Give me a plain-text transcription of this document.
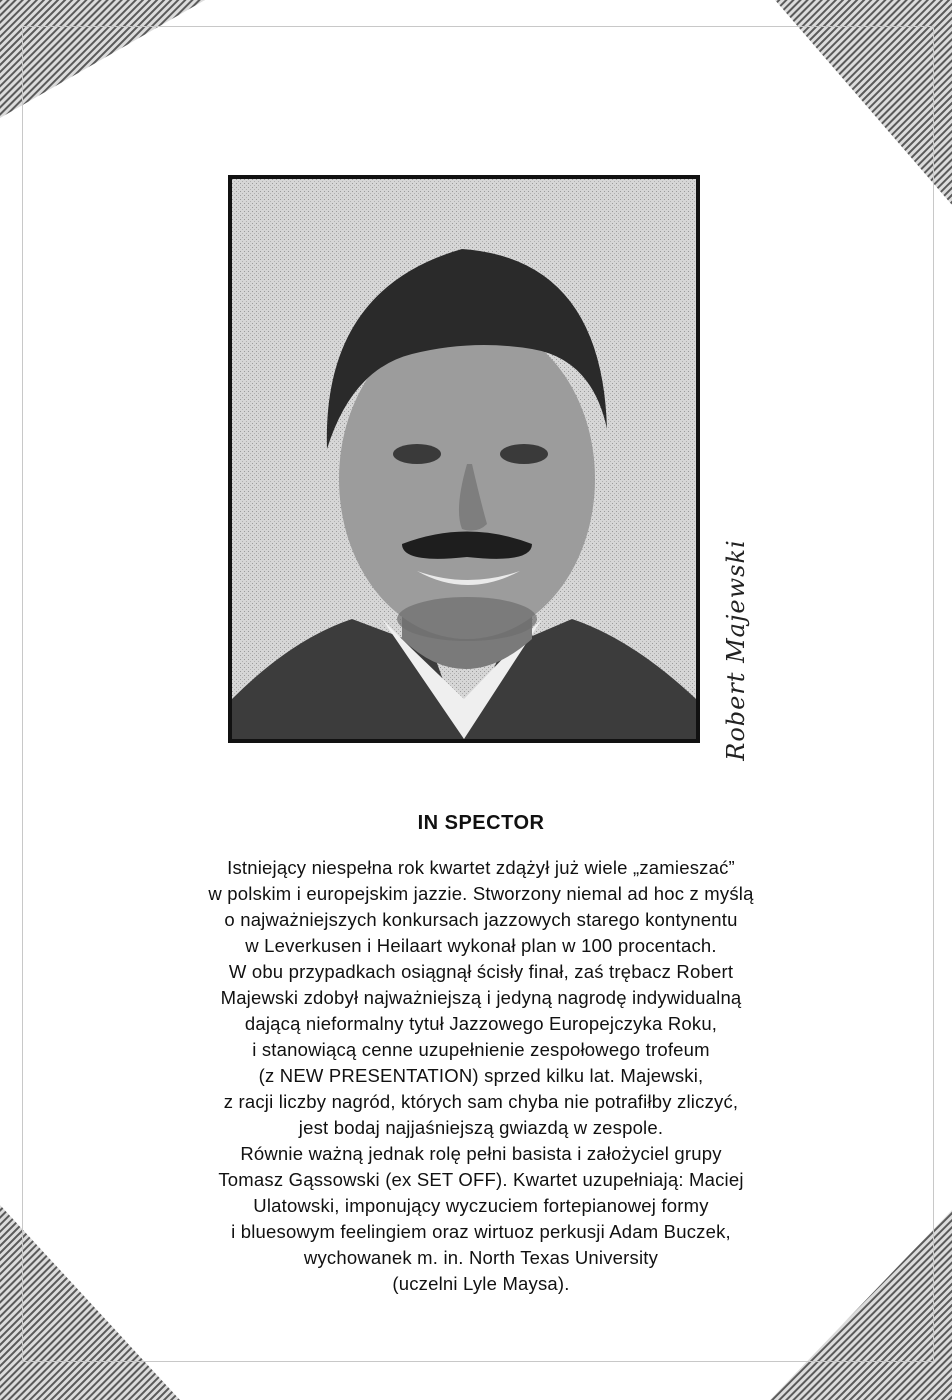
Robert Majewski
IN SPECTOR
Istniejący niespełna rok kwartet zdążył już wiele „zamieszać”
w polskim i europejskim jazzie. Stworzony niemal ad hoc z myślą
o najważniejszych konkursach jazzowych starego kontynentu
w Leverkusen i Heilaart wykonał plan w 100 procentach.
W obu przypadkach osiągnął ścisły finał, zaś trębacz Robert
Majewski zdobył najważniejszą i jedyną nagrodę indywidualną
dającą nieformalny tytuł Jazzowego Europejczyka Roku,
i stanowiącą cenne uzupełnienie zespołowego trofeum
(z NEW PRESENTATION) sprzed kilku lat. Majewski,
z racji liczby nagród, których sam chyba nie potrafiłby zliczyć,
jest bodaj najjaśniejszą gwiazdą w zespole.
Równie ważną jednak rolę pełni basista i założyciel grupy
Tomasz Gąssowski (ex SET OFF). Kwartet uzupełniają: Maciej
Ulatowski, imponujący wyczuciem fortepianowej formy
i bluesowym feelingiem oraz wirtuoz perkusji Adam Buczek,
wychowanek m. in. North Texas University
(uczelni Lyle Maysa).
